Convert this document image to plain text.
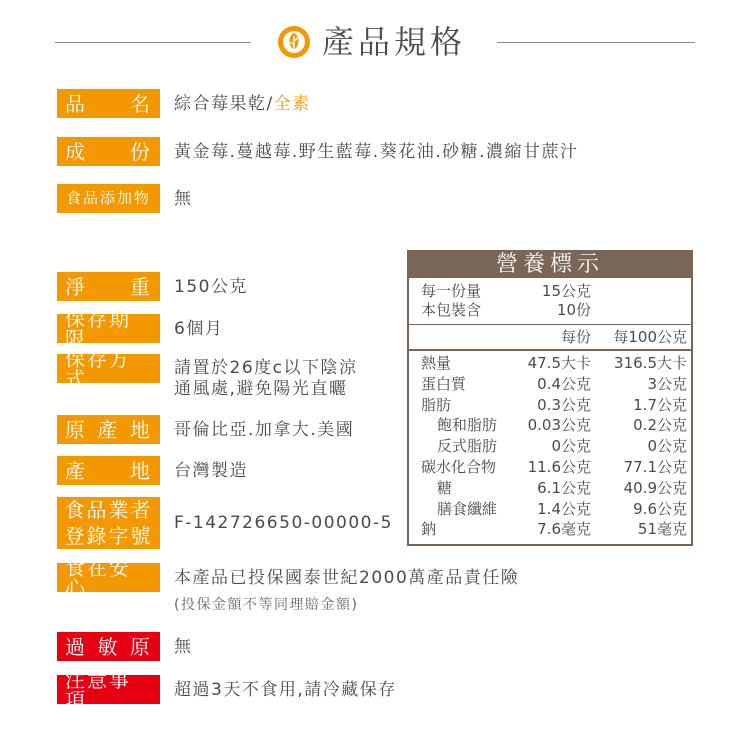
產品規格
品 名 綜合莓果乾/全素
成 份 黃金莓.蔓越莓.野生藍莓.葵花油.砂糖.濃縮甘蔗汁
食品添加物	無
淨 重 150公克
保存期限	6個月
保存方式	請置於26度c以下陰涼
通風處,避免陽光直曬
原 產 地 哥倫比亞.加拿大.美國
產 地 台灣製造
食品業者
登錄字號
F-142726650-00000-5
食在安心	本產品已投保國泰世紀2000萬產品責任險
(投保金額不等同理賠金額)
過 敏 原 無
注意事項	超過3天不食用,請冷藏保存
營養標示
每一份量	15公克
本包裝含	10份
每份 每100公克
熱量	47.5大卡 316.5大卡
蛋白質	0.4公克	3公克
脂肪	0.3公克	1.7公克
飽和脂肪 0.03公克	0.2公克
反式脂肪	0公克	0公克
碳水化合物 11.6公克 77.1公克
糖	6.1公克 40.9公克
膳食纖維	1.4公克	9.6公克
鈉	7.6毫克	51毫克
